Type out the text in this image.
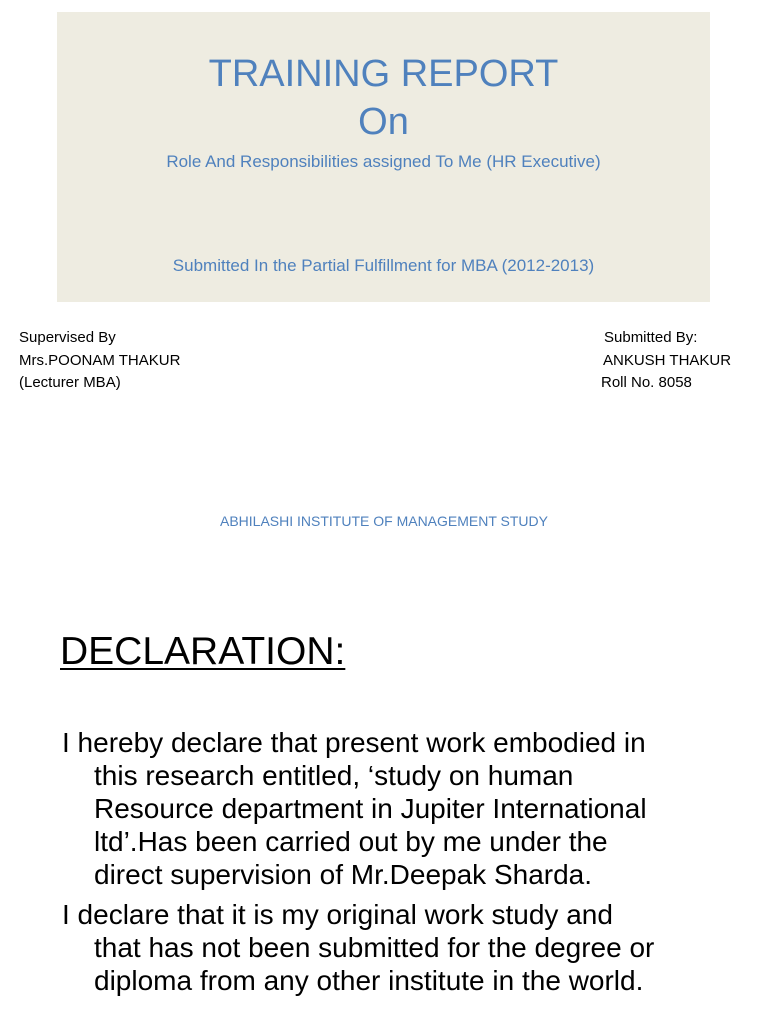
TRAINING REPORT
On
Role And Responsibilities assigned To Me (HR Executive)
Submitted In the Partial Fulfillment for MBA (2012-2013)
Supervised By
Mrs.POONAM THAKUR
(Lecturer MBA)
Submitted By:
ANKUSH THAKUR
Roll No. 8058
ABHILASHI INSTITUTE OF MANAGEMENT STUDY
DECLARATION:
I hereby declare that present work embodied in
this research entitled, ‘study on human
Resource department in Jupiter International
ltd’.Has been carried out by me under the
direct supervision of Mr.Deepak Sharda.
I declare that it is my original work study and
that has not been submitted for the degree or
diploma from any other institute in the world.
